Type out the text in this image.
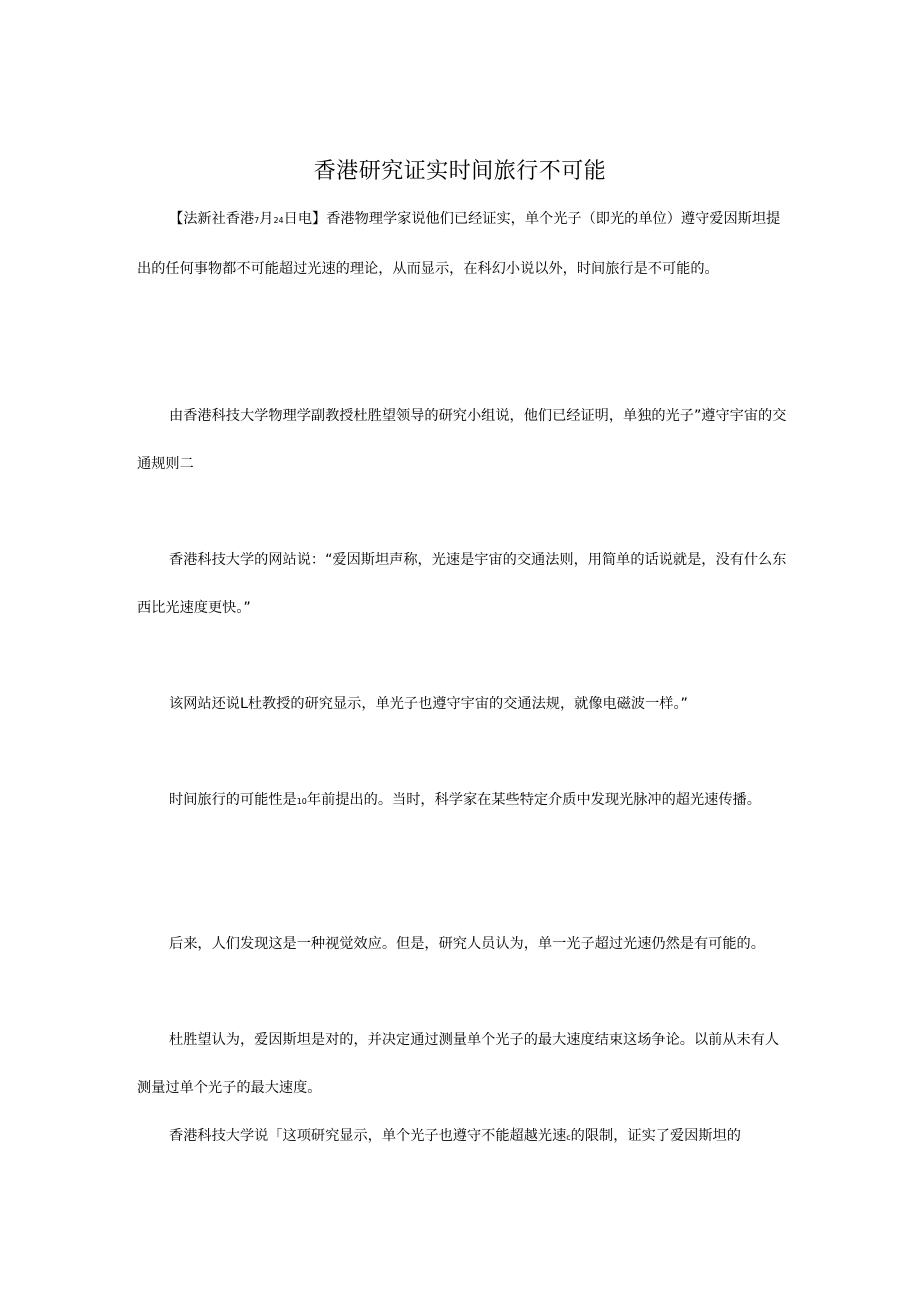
香港研究证实时间旅行不可能

【法新社香港7月24日电】香港物理学家说他们已经证实，单个光子（即光的单位）遵守爱因斯坦提出的任何事物都不可能超过光速的理论，从而显示，在科幻小说以外，时间旅行是不可能的。

由香港科技大学物理学副教授杜胜望领导的研究小组说，他们已经证明，单独的光子”遵守宇宙的交通规则二

香港科技大学的网站说：“爱因斯坦声称，光速是宇宙的交通法则，用简单的话说就是，没有什么东西比光速度更快。”

该网站还说L杜教授的研究显示，单光子也遵守宇宙的交通法规，就像电磁波一样。”

时间旅行的可能性是10年前提出的。当时，科学家在某些特定介质中发现光脉冲的超光速传播。

后来，人们发现这是一种视觉效应。但是，研究人员认为，单一光子超过光速仍然是有可能的。

杜胜望认为，爱因斯坦是对的，并决定通过测量单个光子的最大速度结束这场争论。以前从未有人测量过单个光子的最大速度。

香港科技大学说「这项研究显示，单个光子也遵守不能超越光速c的限制，证实了爱因斯坦的
